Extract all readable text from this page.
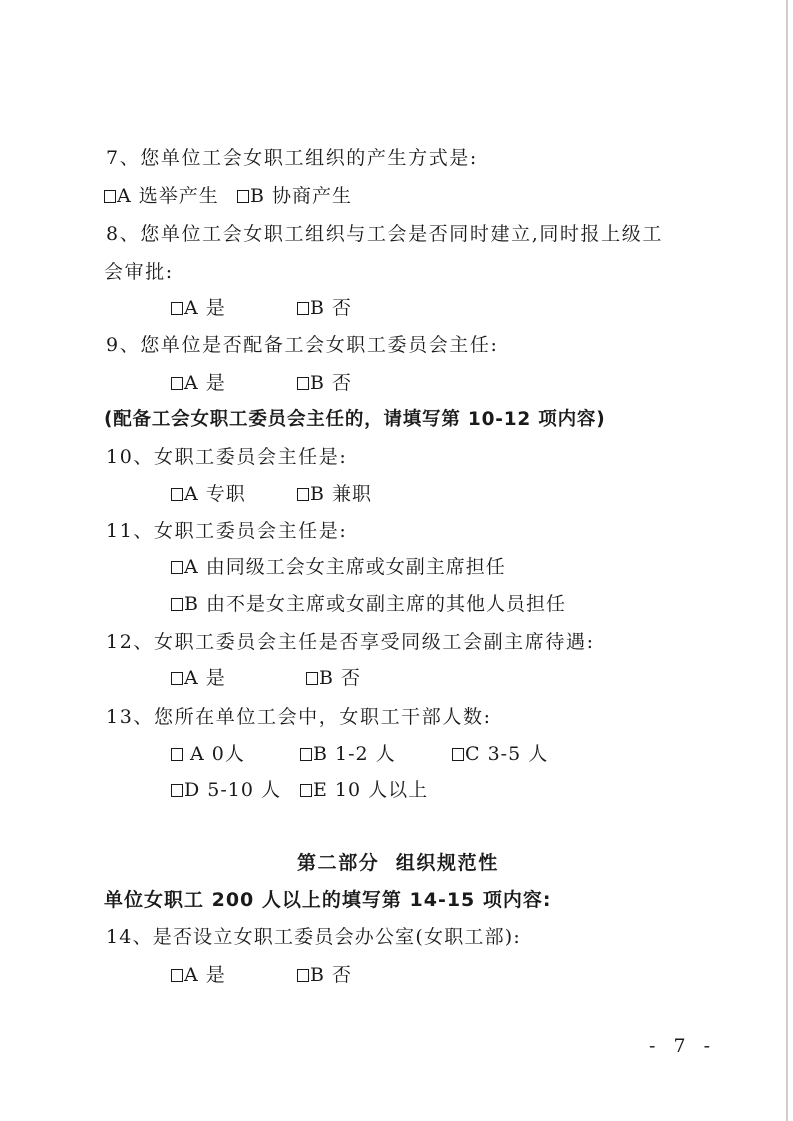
7、您单位工会女职工组织的产生方式是:
A 选举产生	B 协商产生
8、您单位工会女职工组织与工会是否同时建立,同时报上级工
会审批:
A 是	B 否
9、您单位是否配备工会女职工委员会主任:
A 是	B 否
(配备工会女职工委员会主任的，请填写第 10-12 项内容)
10、女职工委员会主任是:
A 专职	B 兼职
11、女职工委员会主任是:
A 由同级工会女主席或女副主席担任
B 由不是女主席或女副主席的其他人员担任
12、女职工委员会主任是否享受同级工会副主席待遇:
A 是	B 否
13、您所在单位工会中，女职工干部人数:
A 0人	B 1-2 人	C 3-5 人
D 5-10 人	E 10 人以上
第二部分  组织规范性
单位女职工 200 人以上的填写第 14-15 项内容:
14、是否设立女职工委员会办公室(女职工部):
A 是	B 否
- 7 -
